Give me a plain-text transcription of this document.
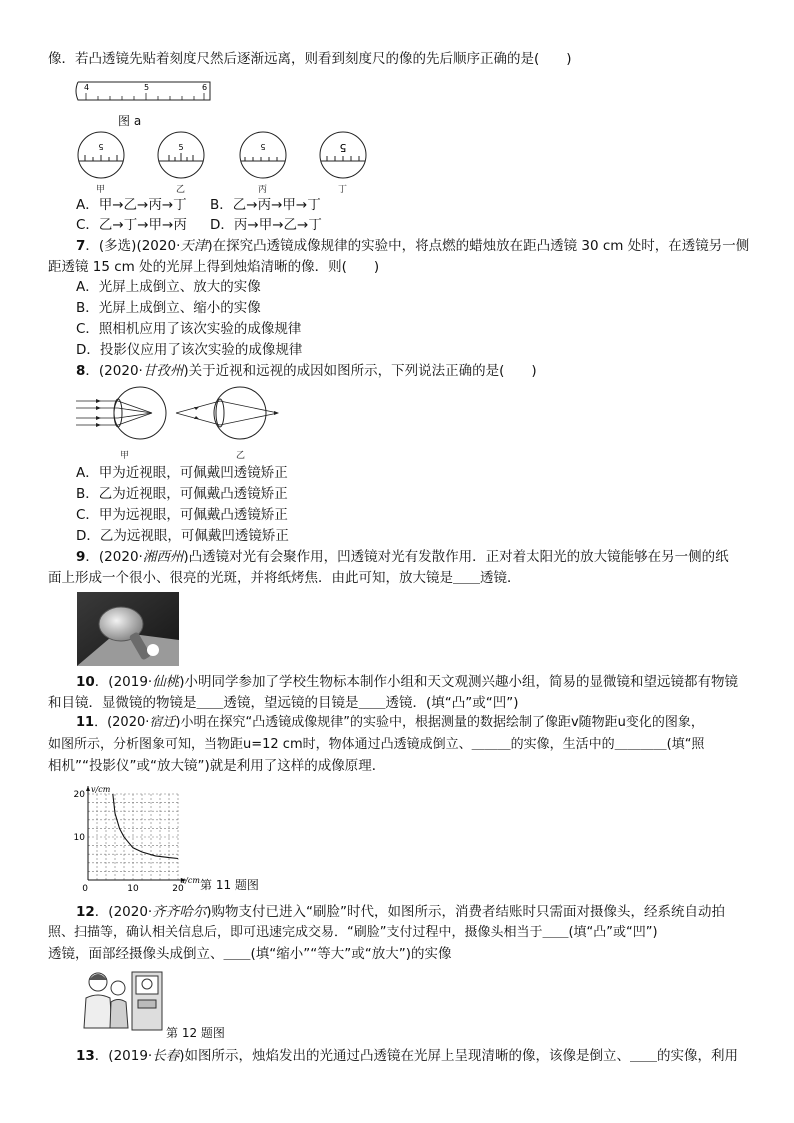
像．若凸透镜先贴着刻度尺然后逐渐远离，则看到刻度尺的像的先后顺序正确的是(　　)
4	5	6
图 a
5	5	5	5
甲	乙	丙	丁
A．甲→乙→丙→丁 B．乙→丙→甲→丁
C．乙→丁→甲→丙 D．丙→甲→乙→丁
7．(多选)(2020·天津)在探究凸透镜成像规律的实验中，将点燃的蜡烛放在距凸透镜 30 cm 处时，在透镜另一侧
距透镜 15 cm 处的光屏上得到烛焰清晰的像．则(　　)
A．光屏上成倒立、放大的实像
B．光屏上成倒立、缩小的实像
C．照相机应用了该次实验的成像规律
D．投影仪应用了该次实验的成像规律
8．(2020·甘孜州)关于近视和远视的成因如图所示，下列说法正确的是(　　)
甲	乙
A．甲为近视眼，可佩戴凹透镜矫正
B．乙为近视眼，可佩戴凸透镜矫正
C．甲为远视眼，可佩戴凸透镜矫正
D．乙为远视眼，可佩戴凹透镜矫正
9．(2020·湘西州)凸透镜对光有会聚作用，凹透镜对光有发散作用．正对着太阳光的放大镜能够在另一侧的纸
面上形成一个很小、很亮的光斑，并将纸烤焦．由此可知，放大镜是＿＿透镜．
10．(2019·仙桃)小明同学参加了学校生物标本制作小组和天文观测兴趣小组，简易的显微镜和望远镜都有物镜
和目镜．显微镜的物镜是＿＿透镜，望远镜的目镜是＿＿透镜．(填“凸”或“凹”)
11．(2020·宿迁)小明在探究“凸透镜成像规律”的实验中，根据测量的数据绘制了像距v随物距u变化的图象，
如图所示，分析图象可知，当物距u=12 cm时，物体通过凸透镜成倒立、＿＿＿的实像，生活中的＿＿＿＿(填“照
相机”“投影仪”或“放大镜”)就是利用了这样的成像原理．
0	10	20
10
20
v/cm
u/cm 第 11 题图
12．(2020·齐齐哈尔)购物支付已进入“刷脸”时代，如图所示，消费者结账时只需面对摄像头，经系统自动拍
照、扫描等，确认相关信息后，即可迅速完成交易．“刷脸”支付过程中，摄像头相当于＿＿(填“凸”或“凹”)
透镜，面部经摄像头成倒立、＿＿(填“缩小”“等大”或“放大”)的实像
第 12 题图
13．(2019·长春)如图所示，烛焰发出的光通过凸透镜在光屏上呈现清晰的像，该像是倒立、＿＿的实像，利用
